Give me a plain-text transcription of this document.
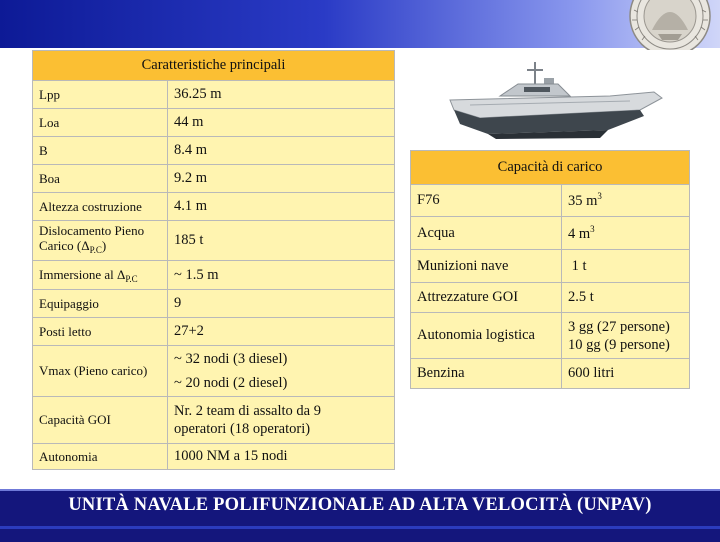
Caratteristiche principali	
Lpp	36.25 m
Loa	44 m
B	8.4 m
Boa	9.2 m
Altezza costruzione	4.1 m
Dislocamento Pieno
Carico $(\Delta_{P.C})$	185 t
Immersione al $\Delta_{P.C}$	~ 1.5 m
Equipaggio	9
Posti letto	27+2
Vmax (Pieno carico)	~ 32 nodi (3 diesel)
~ 20 nodi (2 diesel)
Capacità GOI	Nr. 2 team di assalto da 9
operatori (18 operatori)
Autonomia	1000 NM a 15 nodi
Capacità di carico	
F76	35 $m^3$
Acqua	4 $m^3$
Munizioni nave	1 t
Attrezzature GOI	2.5 t
Autonomia logistica	3 gg (27 persone)
10 gg (9 persone)
Benzina	600 litri
UNITÀ NAVALE POLIFUNZIONALE AD ALTA VELOCITÀ (UNPAV)
